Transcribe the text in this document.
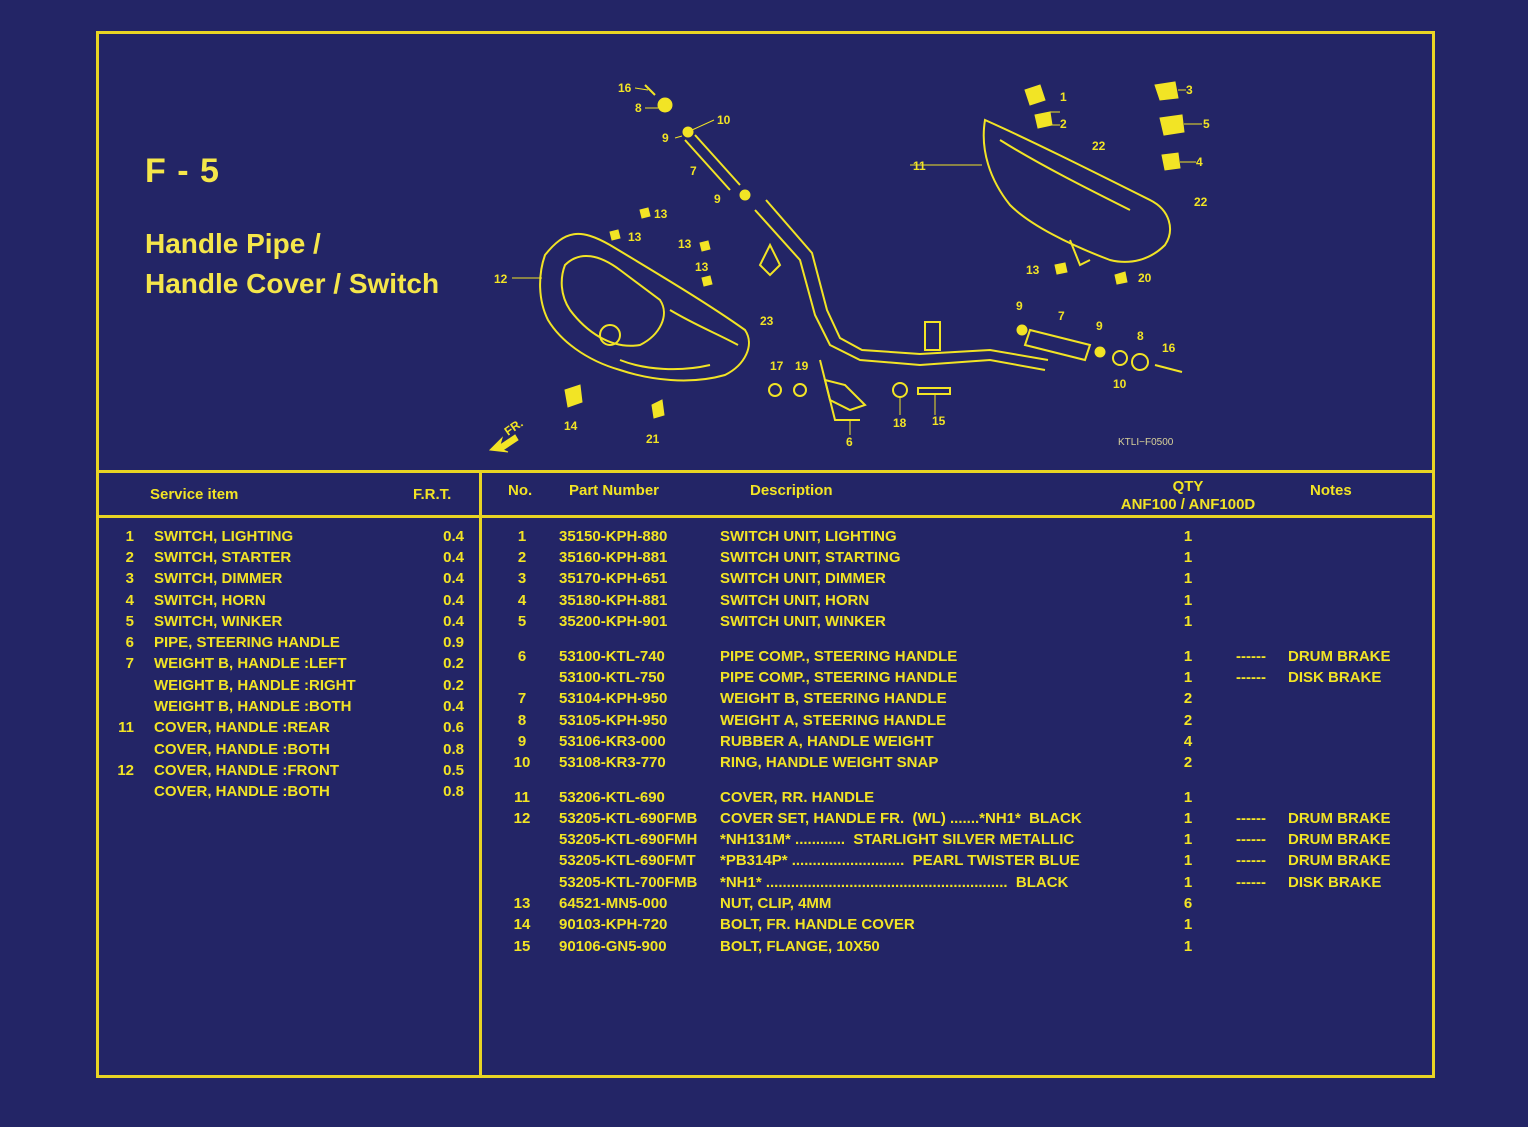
F - 5
Handle Pipe /
Handle Cover / Switch
FR.
16
8
10
9
7
9
13
13	13
13
12
23
17 19
14
21	6
18 15
11
1
2
3
5
4
22
22
13
20
9
7
9
8
16
10
KTLI−F0500
Service item	F.R.T.	No. Part Number	Description	QTY
ANF100 / ANF100D
Notes
1 SWITCH, LIGHTING	0.4
2 SWITCH, STARTER	0.4
3 SWITCH, DIMMER	0.4
4 SWITCH, HORN	0.4
5 SWITCH, WINKER	0.4
6 PIPE, STEERING HANDLE	0.9
7 WEIGHT B, HANDLE :LEFT	0.2
WEIGHT B, HANDLE :RIGHT	0.2
WEIGHT B, HANDLE :BOTH	0.4
11 COVER, HANDLE :REAR	0.6
COVER, HANDLE :BOTH	0.8
12 COVER, HANDLE :FRONT	0.5
COVER, HANDLE :BOTH	0.8
1	35150-KPH-880	SWITCH UNIT, LIGHTING	1
2	35160-KPH-881	SWITCH UNIT, STARTING	1
3	35170-KPH-651	SWITCH UNIT, DIMMER	1
4	35180-KPH-881	SWITCH UNIT, HORN	1
5	35200-KPH-901	SWITCH UNIT, WINKER	1
6	53100-KTL-740	PIPE COMP., STEERING HANDLE	1	------ DRUM BRAKE
53100-KTL-750	PIPE COMP., STEERING HANDLE	1	------ DISK BRAKE
7	53104-KPH-950	WEIGHT B, STEERING HANDLE	2
8	53105-KPH-950	WEIGHT A, STEERING HANDLE	2
9	53106-KR3-000	RUBBER A, HANDLE WEIGHT	4
10	53108-KR3-770	RING, HANDLE WEIGHT SNAP	2
11	53206-KTL-690	COVER, RR. HANDLE	1
12	53205-KTL-690FMB COVER SET, HANDLE FR.  (WL) .......*NH1*  BLACK	1	------ DRUM BRAKE
53205-KTL-690FMH *NH131M* ............  STARLIGHT SILVER METALLIC	1	------ DRUM BRAKE
53205-KTL-690FMT *PB314P* ...........................  PEARL TWISTER BLUE	1	------ DRUM BRAKE
53205-KTL-700FMB *NH1* ..........................................................  BLACK	1	------ DISK BRAKE
13	64521-MN5-000	NUT, CLIP, 4MM	6
14	90103-KPH-720	BOLT, FR. HANDLE COVER	1
15	90106-GN5-900	BOLT, FLANGE, 10X50	1
